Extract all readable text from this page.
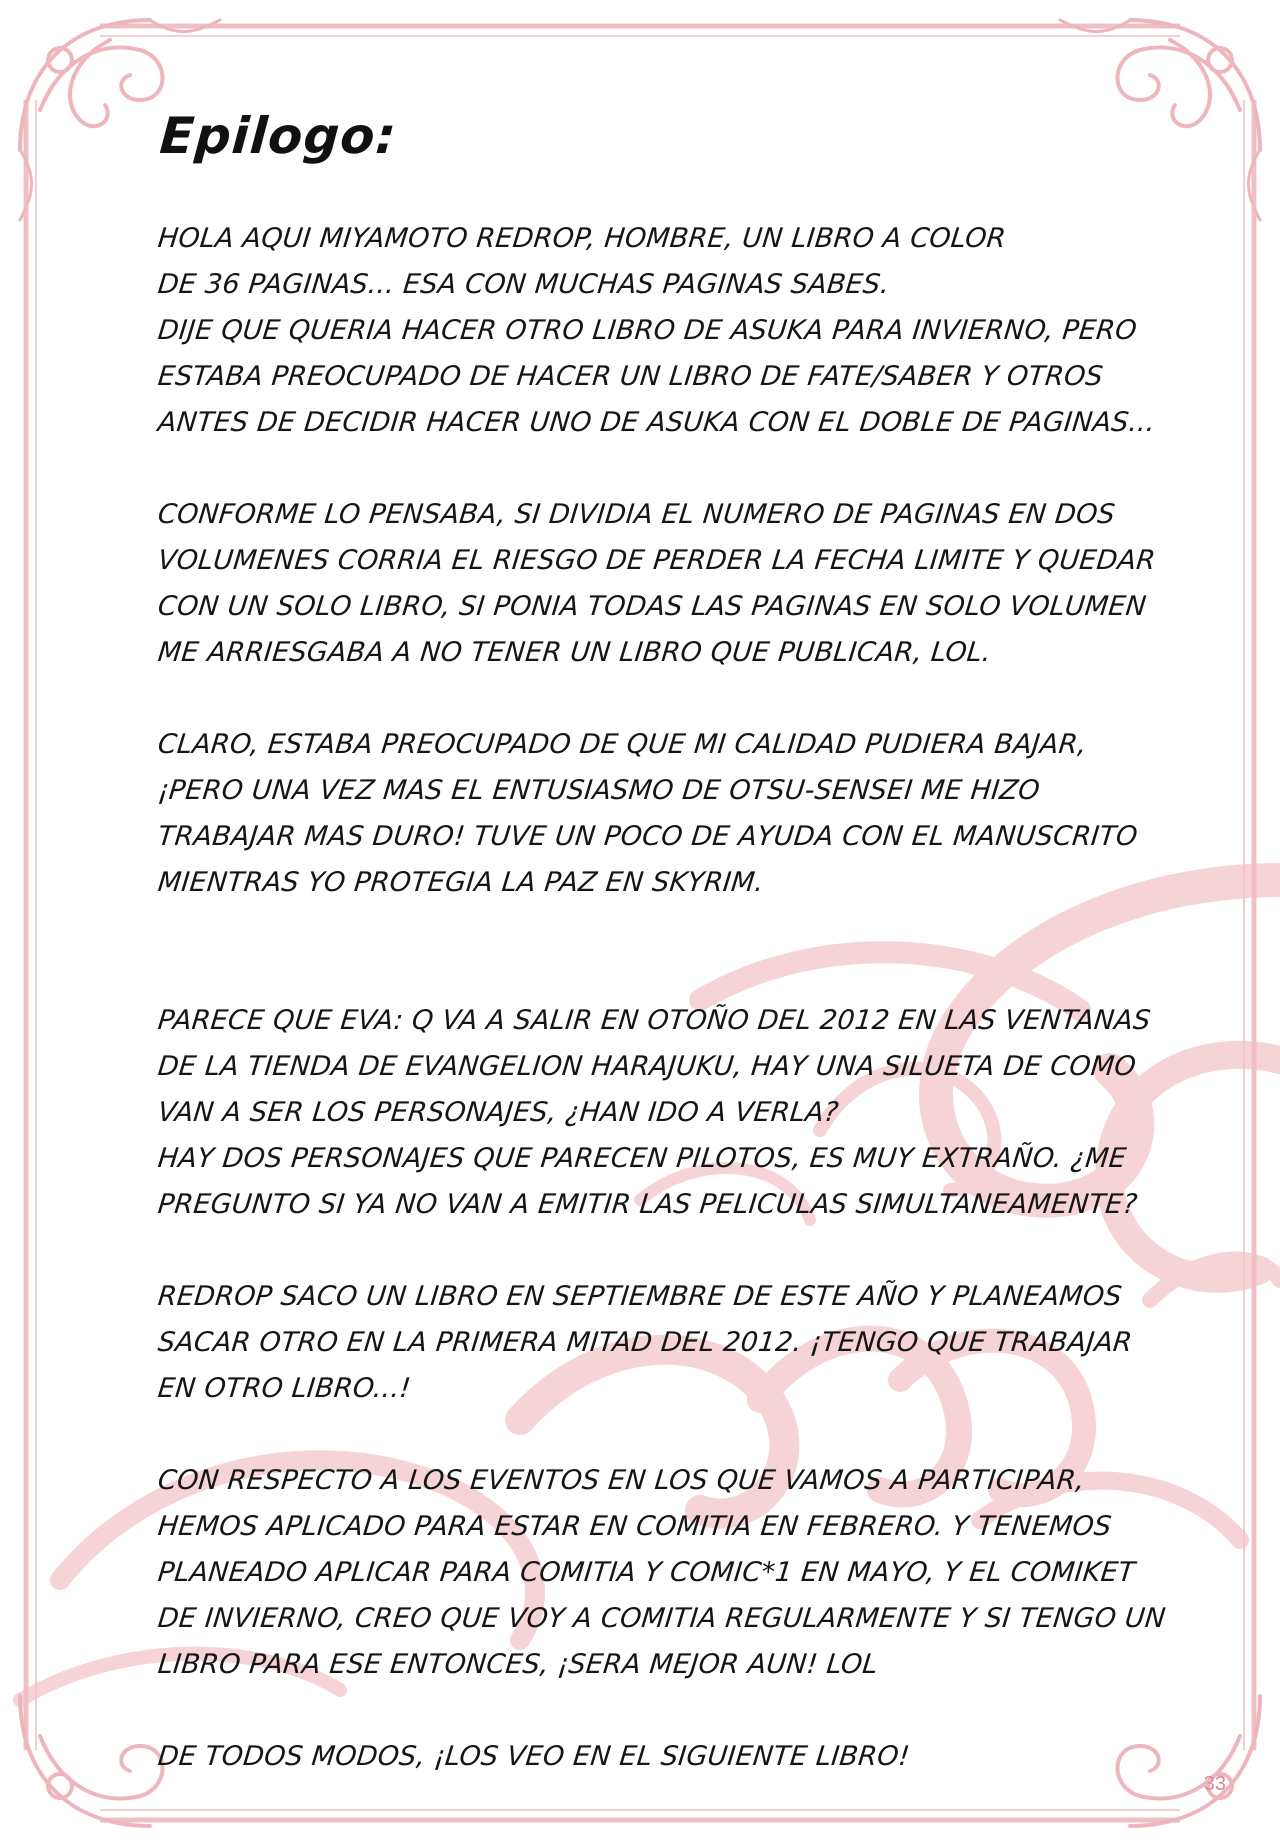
Epilogo:
HOLA AQUI MIYAMOTO REDROP, HOMBRE, UN LIBRO A COLOR
DE 36 PAGINAS... ESA CON MUCHAS PAGINAS SABES.
DIJE QUE QUERIA HACER OTRO LIBRO DE ASUKA PARA INVIERNO, PERO
ESTABA PREOCUPADO DE HACER UN LIBRO DE FATE/SABER Y OTROS
ANTES DE DECIDIR HACER UNO DE ASUKA CON EL DOBLE DE PAGINAS...
CONFORME LO PENSABA, SI DIVIDIA EL NUMERO DE PAGINAS EN DOS
VOLUMENES CORRIA EL RIESGO DE PERDER LA FECHA LIMITE Y QUEDAR
CON UN SOLO LIBRO, SI PONIA TODAS LAS PAGINAS EN SOLO VOLUMEN
ME ARRIESGABA A NO TENER UN LIBRO QUE PUBLICAR, LOL.
CLARO, ESTABA PREOCUPADO DE QUE MI CALIDAD PUDIERA BAJAR,
¡PERO UNA VEZ MAS EL ENTUSIASMO DE OTSU-SENSEI ME HIZO
TRABAJAR MAS DURO! TUVE UN POCO DE AYUDA CON EL MANUSCRITO
MIENTRAS YO PROTEGIA LA PAZ EN SKYRIM.
PARECE QUE EVA: Q VA A SALIR EN OTOÑO DEL 2012 EN LAS VENTANAS
DE LA TIENDA DE EVANGELION HARAJUKU, HAY UNA SILUETA DE COMO
VAN A SER LOS PERSONAJES, ¿HAN IDO A VERLA?
HAY DOS PERSONAJES QUE PARECEN PILOTOS, ES MUY EXTRAÑO. ¿ME
PREGUNTO SI YA NO VAN A EMITIR LAS PELICULAS SIMULTANEAMENTE?
REDROP SACO UN LIBRO EN SEPTIEMBRE DE ESTE AÑO Y PLANEAMOS
SACAR OTRO EN LA PRIMERA MITAD DEL 2012. ¡TENGO QUE TRABAJAR
EN OTRO LIBRO...!
CON RESPECTO A LOS EVENTOS EN LOS QUE VAMOS A PARTICIPAR,
HEMOS APLICADO PARA ESTAR EN COMITIA EN FEBRERO. Y TENEMOS
PLANEADO APLICAR PARA COMITIA Y COMIC*1 EN MAYO, Y EL COMIKET
DE INVIERNO, CREO QUE VOY A COMITIA REGULARMENTE Y SI TENGO UN
LIBRO PARA ESE ENTONCES, ¡SERA MEJOR AUN! LOL
DE TODOS MODOS, ¡LOS VEO EN EL SIGUIENTE LIBRO!
33
